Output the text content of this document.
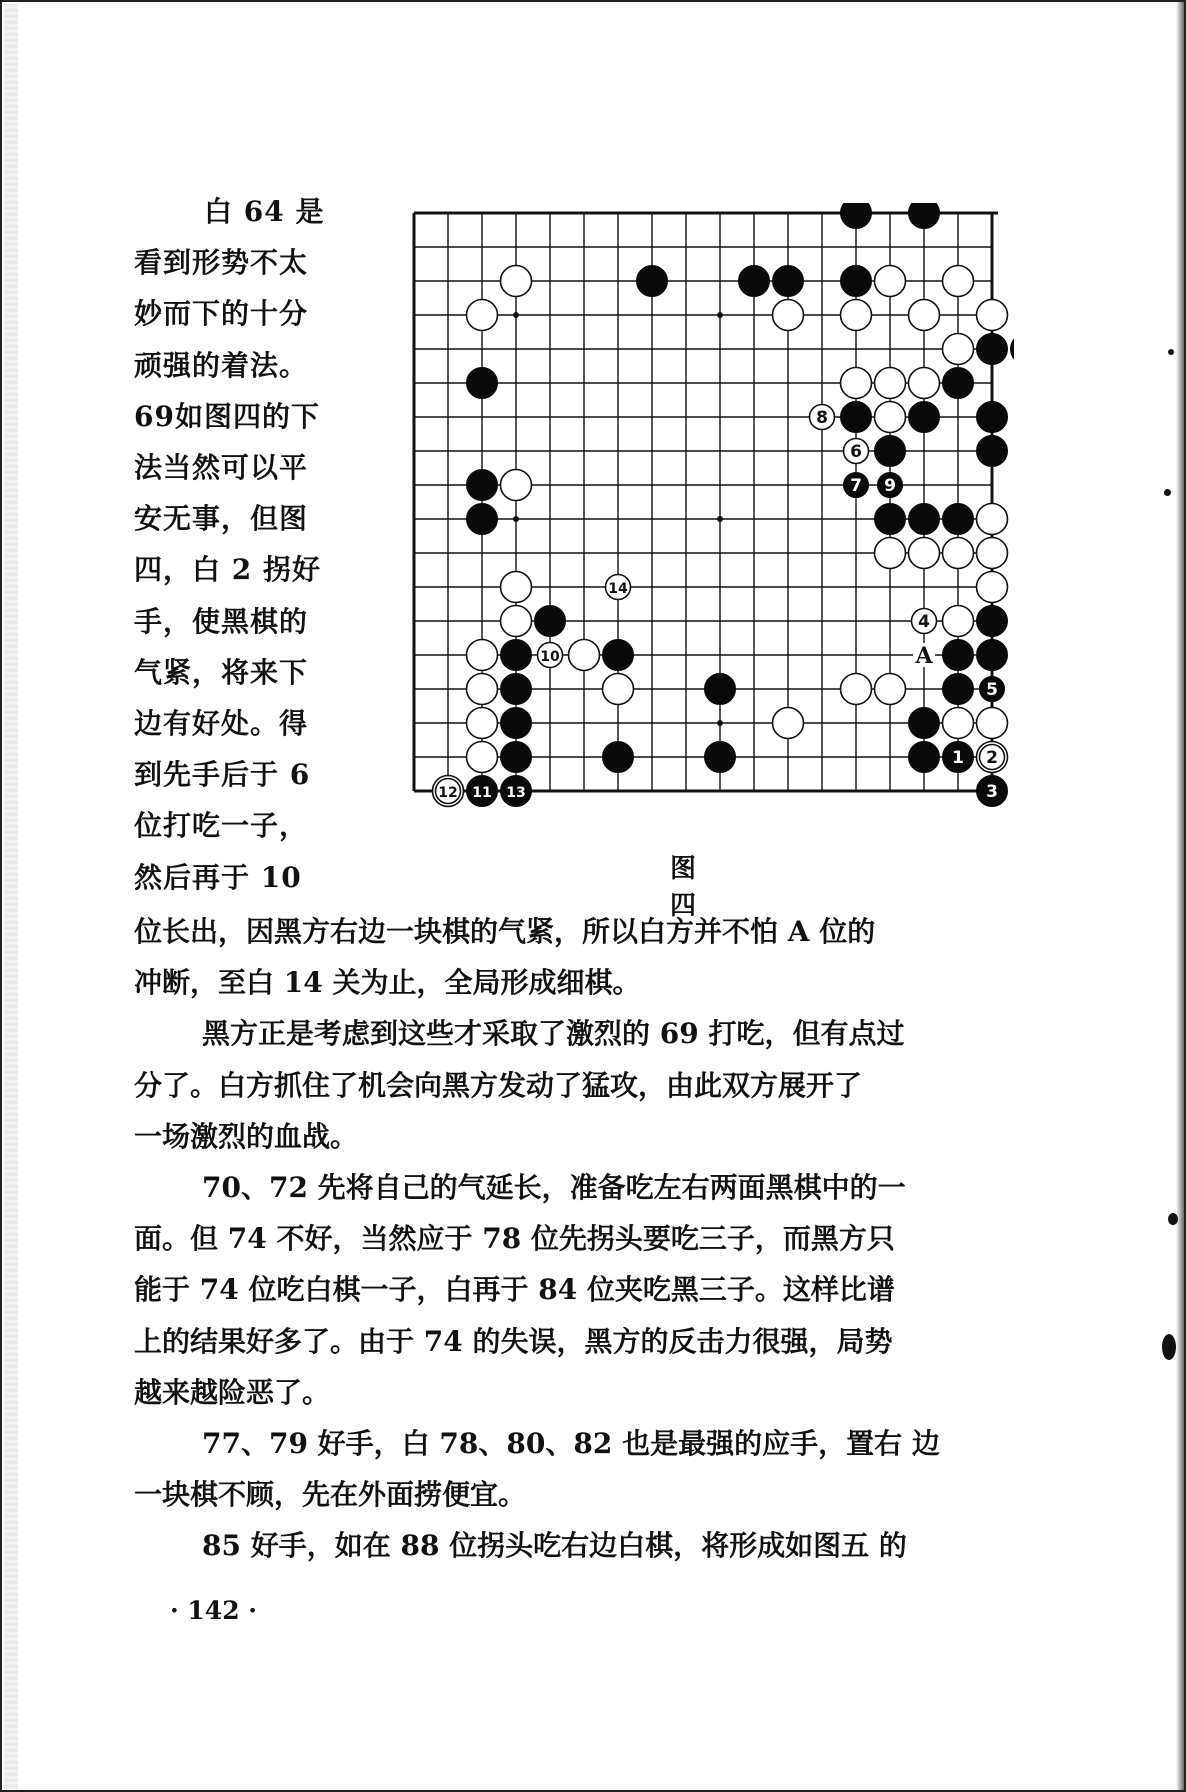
白 64 是
看到形势不太
妙而下的十分
顽强的着法。
69如图四的下
法当然可以平
安无事，但图
四，白 2 拐好
手，使黑棋的
气紧，将来下
边有好处。得
到先手后于 6
位打吃一子，
然后再于 10
1
3
5
7 9
11 13
2
4
6
8
10
12
14
A
图 四

位长出，因黑方右边一块棋的气紧，所以白方并不怕 A 位的

冲断，至白 14 关为止，全局形成细棋。

黑方正是考虑到这些才采取了激烈的 69 打吃，但有点过

分了。白方抓住了机会向黑方发动了猛攻，由此双方展开了

一场激烈的血战。

70、72 先将自己的气延长，准备吃左右两面黑棋中的一

面。但 74 不好，当然应于 78 位先拐头要吃三子，而黑方只

能于 74 位吃白棋一子，白再于 84 位夹吃黑三子。这样比谱

上的结果好多了。由于 74 的失误，黑方的反击力很强，局势

越来越险恶了。

77、79 好手，白 78、80、82 也是最强的应手，置右 边

一块棋不顾，先在外面捞便宜。

85 好手，如在 88 位拐头吃右边白棋，将形成如图五 的

· 142 ·
